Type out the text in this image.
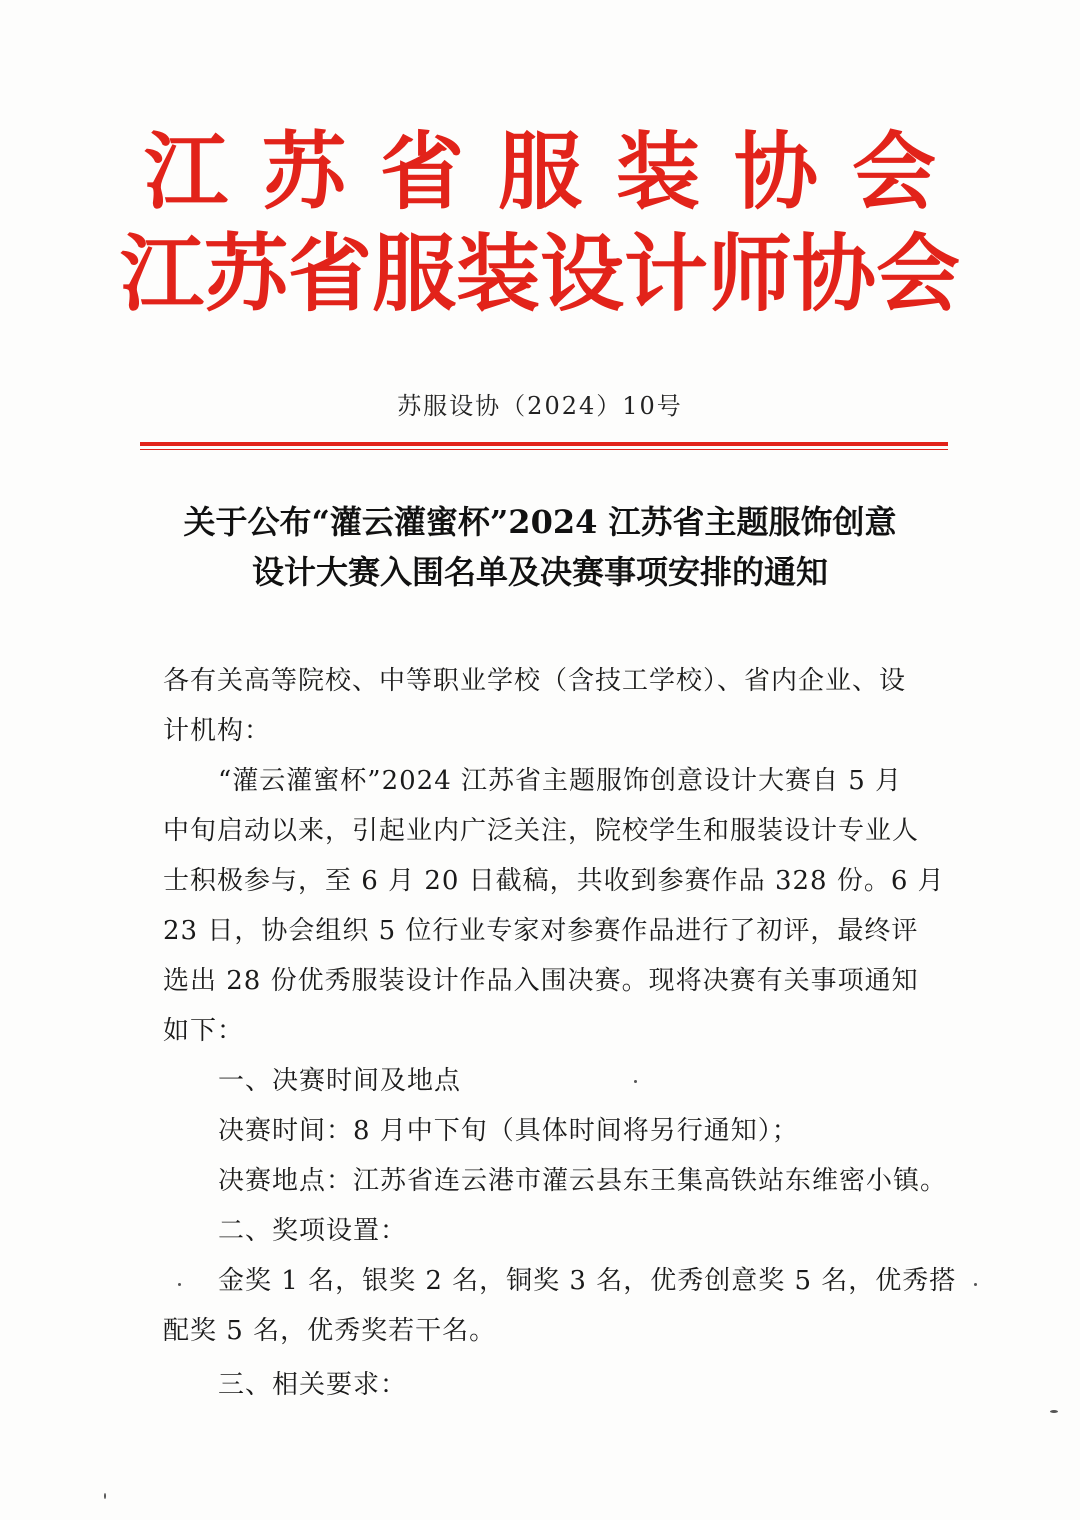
江苏省服装协会
江苏省服装设计师协会
苏服设协（2024）10号
关于公布“灌云灌蜜杯”2024 江苏省主题服饰创意
设计大赛入围名单及决赛事项安排的通知
各有关高等院校、中等职业学校（含技工学校）、省内企业、设
计机构：
“灌云灌蜜杯”2024 江苏省主题服饰创意设计大赛自 5 月
中旬启动以来，引起业内广泛关注，院校学生和服装设计专业人
士积极参与，至 6 月 20 日截稿，共收到参赛作品 328 份。6 月
23 日，协会组织 5 位行业专家对参赛作品进行了初评，最终评
选出 28 份优秀服装设计作品入围决赛。现将决赛有关事项通知
如下：
一、决赛时间及地点
决赛时间：8 月中下旬（具体时间将另行通知）；
决赛地点：江苏省连云港市灌云县东王集高铁站东维密小镇。
二、奖项设置：
金奖 1 名，银奖 2 名，铜奖 3 名，优秀创意奖 5 名，优秀搭
配奖 5 名，优秀奖若干名。
三、相关要求：
